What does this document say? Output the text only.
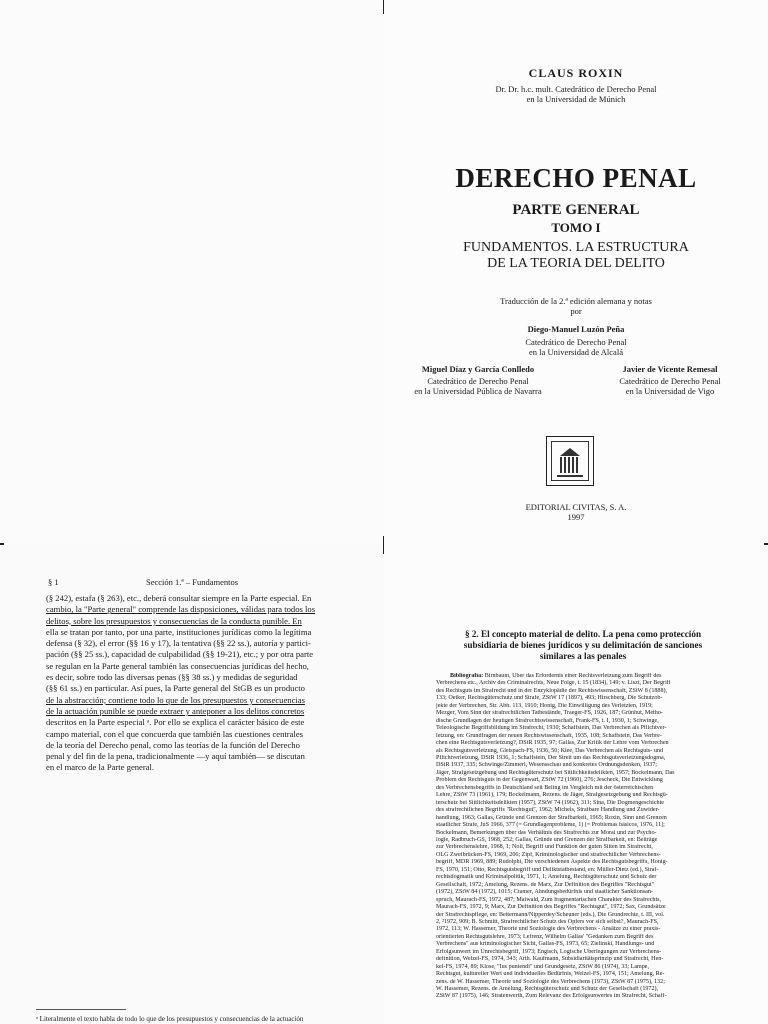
CLAUS ROXIN
Dr. Dr. h.c. mult. Catedrático de Derecho Penal
en la Universidad de Múnich
DERECHO PENAL
PARTE GENERAL
TOMO I
FUNDAMENTOS. LA ESTRUCTURA
DE LA TEORIA DEL DELITO
Traducción de la 2.ª edición alemana y notas
por
Diego-Manuel Luzón Peña
Catedrático de Derecho Penal
en la Universidad de Alcalá
Miguel Díaz y García Conlledo
Catedrático de Derecho Penal
en la Universidad Pública de Navarra
Javier de Vicente Remesal
Catedrático de Derecho Penal
en la Universidad de Vigo
EDITORIAL CIVITAS, S. A.
1997
§ 1	Sección 1.ª – Fundamentos
(§ 242), estafa (§ 263), etc., deberá consultar siempre en la Parte especial. En
cambio, la "Parte general" comprende las disposiciones, válidas para todos los
delitos, sobre los presupuestos y consecuencias de la conducta punible. En
ella se tratan por tanto, por una parte, instituciones jurídicas como la legítima
defensa (§ 32), el error (§§ 16 y 17), la tentativa (§§ 22 ss.), autoría y partici-
pación (§§ 25 ss.), capacidad de culpabilidad (§§ 19-21), etc.; y por otra parte
se regulan en la Parte general también las consecuencias jurídicas del hecho,
es decir, sobre todo las diversas penas (§§ 38 ss.) y medidas de seguridad
(§§ 61 ss.) en particular. Así pues, la Parte general del StGB es un producto
de la abstracción; contiene todo lo que de los presupuestos y consecuencias
de la actuación punible se puede extraer y anteponer a los delitos concretos
descritos en la Parte especial ᵃ. Por ello se explica el carácter básico de este
campo material, con el que concuerda que también las cuestiones centrales
de la teoría del Derecho penal, como las teorías de la función del Derecho
penal y del fin de la pena, tradicionalmente —y aquí también— se discutan
en el marco de la Parte general.
ᵃ Literalmente el texto habla de todo lo que de los presupuestos y consecuencias de la actuación
§ 2. El concepto material de delito. La pena como protección
subsidiaria de bienes jurídicos y su delimitación de sanciones
similares a las penales
Bibliografía: Birnbaum, Über das Erfordernis einer Rechtsverletzung zum Begriff des
Verbrechens etc., Archiv des Criminalrechts, Neue Folge, t. 15 (1834), 149; v. Liszt, Der Begriff
des Rechtsguts im Strafrecht und in der Enzyklopädie der Rechtswissenschaft, ZStW 8 (1888),
133; Oetker, Rechtsgüterschutz und Strafe, ZStW 17 (1897), 493; Hirschberg, Die Schutzob-
jekte der Verbrechen, Str. Abh. 113, 1910; Honig, Die Einwilligung des Verletzten, 1919;
Mezger, Vom Sinn der strafrechtlichen Tatbestände, Traeger-FS, 1926, 187; Grünhut, Metho-
dische Grundlagen der heutigen Strafrechtswissenschaft, Frank-FS, t. I, 1930, 1; Schwinge,
Teleologische Begriffsbildung im Strafrecht, 1930; Schaffstein, Das Verbrechen als Pflichtver-
letzung, en: Grundfragen der neuen Rechtswissenschaft, 1935, 108; Schaffstein, Das Verbre-
chen eine Rechtsgutsverletzung?, DStR 1935, 97; Gallas, Zur Kritik der Lehre vom Verbrechen
als Rechtsgutsverletzung, Gleispach-FS, 1936, 50; Klee, Das Verbrechen als Rechtsguts- und
Pflichtverletzung, DStR 1936, 1; Schaffstein, Der Streit um das Rechtsgutsverletzungsdogma,
DStR 1937, 335; Schwinge/Zimmerl, Wesensschau und konkretes Ordnungsdenken, 1937;
Jäger, Strafgesetzgebung und Rechtsgüterschutz bei Sittlichkeitsdelikten, 1957; Bockelmann, Das
Problem des Rechtsguts in der Gegenwart, ZStW 72 (1960), 276; Jescheck, Die Entwicklung
des Verbrechensbegriffs in Deutschland seit Beling im Vergleich mit der österreichischen
Lehre, ZStW 73 (1961), 179; Bockelmann, Rezens. de Jäger, Strafgesetzgebung und Rechtsgü-
terschutz bei Sittlichkeitsdelikten (1957), ZStW 74 (1962), 311; Sina, Die Dogmengeschichte
des strafrechtlichen Begriffs "Rechtsgut", 1962; Michels, Strafbare Handlung und Zuwider-
handlung, 1963; Gallas, Gründe und Grenzen der Strafbarkeit, 1965; Roxin, Sinn und Grenzen
staatlicher Strafe, JuS 1966, 377 (= Grundlagenprobleme, 1) [= Problemas básicos, 1976, 11];
Bockelmann, Bemerkungen über das Verhältnis des Strafrechts zur Moral und zur Psycho-
logie, Radbruch-GS, 1968, 252; Gallas, Gründe und Grenzen der Strafbarkeit, en: Beiträge
zur Verbrechenslehre, 1968, 1; Noll, Begriff und Funktion der guten Sitten im Strafrecht,
OLG Zweibrücken-FS, 1969, 206; Zipf, Kriminologischer und strafrechtlicher Verbrechens-
begriff, MDR 1969, 889; Rudolphi, Die verschiedenen Aspekte des Rechtsgutsbegriffs, Honig-
FS, 1970, 151; Otto, Rechtsgutsbegriff und Deliktstatbestand, en: Müller-Dietz (ed.), Straf-
rechtsdogmatik und Kriminalpolitik, 1971, 1; Amelung, Rechtsgüterschutz und Schutz der
Gesellschaft, 1972; Amelung, Rezens. de Marx, Zur Definition des Begriffes "Rechtsgut"
(1972), ZStW 84 (1972), 1015; Cramer, Ahndungsbedürfnis und staatlicher Sanktionsan-
spruch, Maurach-FS, 1972, 487; Maiwald, Zum fragmentarischen Charakter des Strafrechts,
Maurach-FS, 1972, 9; Marx, Zur Definition des Begriffes "Rechtsgut", 1972; Sax, Grundsätze
der Strafrechtspflege, en: Bettermann/Nipperdey/Scheuner (eds.), Die Grundrechte, t. III, vol.
2, ²1972, 909; B. Schmitt, Strafrechtlicher Schutz des Opfers vor sich selbst?, Maurach-FS,
1972, 113; W. Hassemer, Theorie und Soziologie des Verbrechens - Ansätze zu einer praxis-
orientierten Rechtsgutslehre, 1973; Lefrenz, Wilhelm Gallas' "Gedanken zum Begriff des
Verbrechens" aus kriminologischer Sicht, Gallas-FS, 1973, 65; Zielinski, Handlungs- und
Erfolgsunwert im Unrechtsbegriff, 1973; Engisch, Logische Überlegungen zur Verbrechens-
definition, Welzel-FS, 1974, 343; Arth. Kaufmann, Subsidiaritätsprinzip und Strafrecht, Hen-
kel-FS, 1974, 89; Klose, "Ius puniendi" und Grundgesetz, ZStW 86 (1974), 33; Lampe,
Rechtsgut, kultureller Wert und individuelles Bedürfnis, Welzel-FS, 1974, 151; Amelung, Re-
zens. de W. Hassemer, Theorie und Soziologie des Verbrechens (1973), ZStW 87 (1975), 132;
W. Hassemer, Rezens. de Amelung, Rechtsgüterschutz und Schutz der Gesellschaft (1972),
ZStW 87 (1975), 146; Stratenwerth, Zum Relevanz des Erfolgsunwertes im Strafrecht, Schaff-
